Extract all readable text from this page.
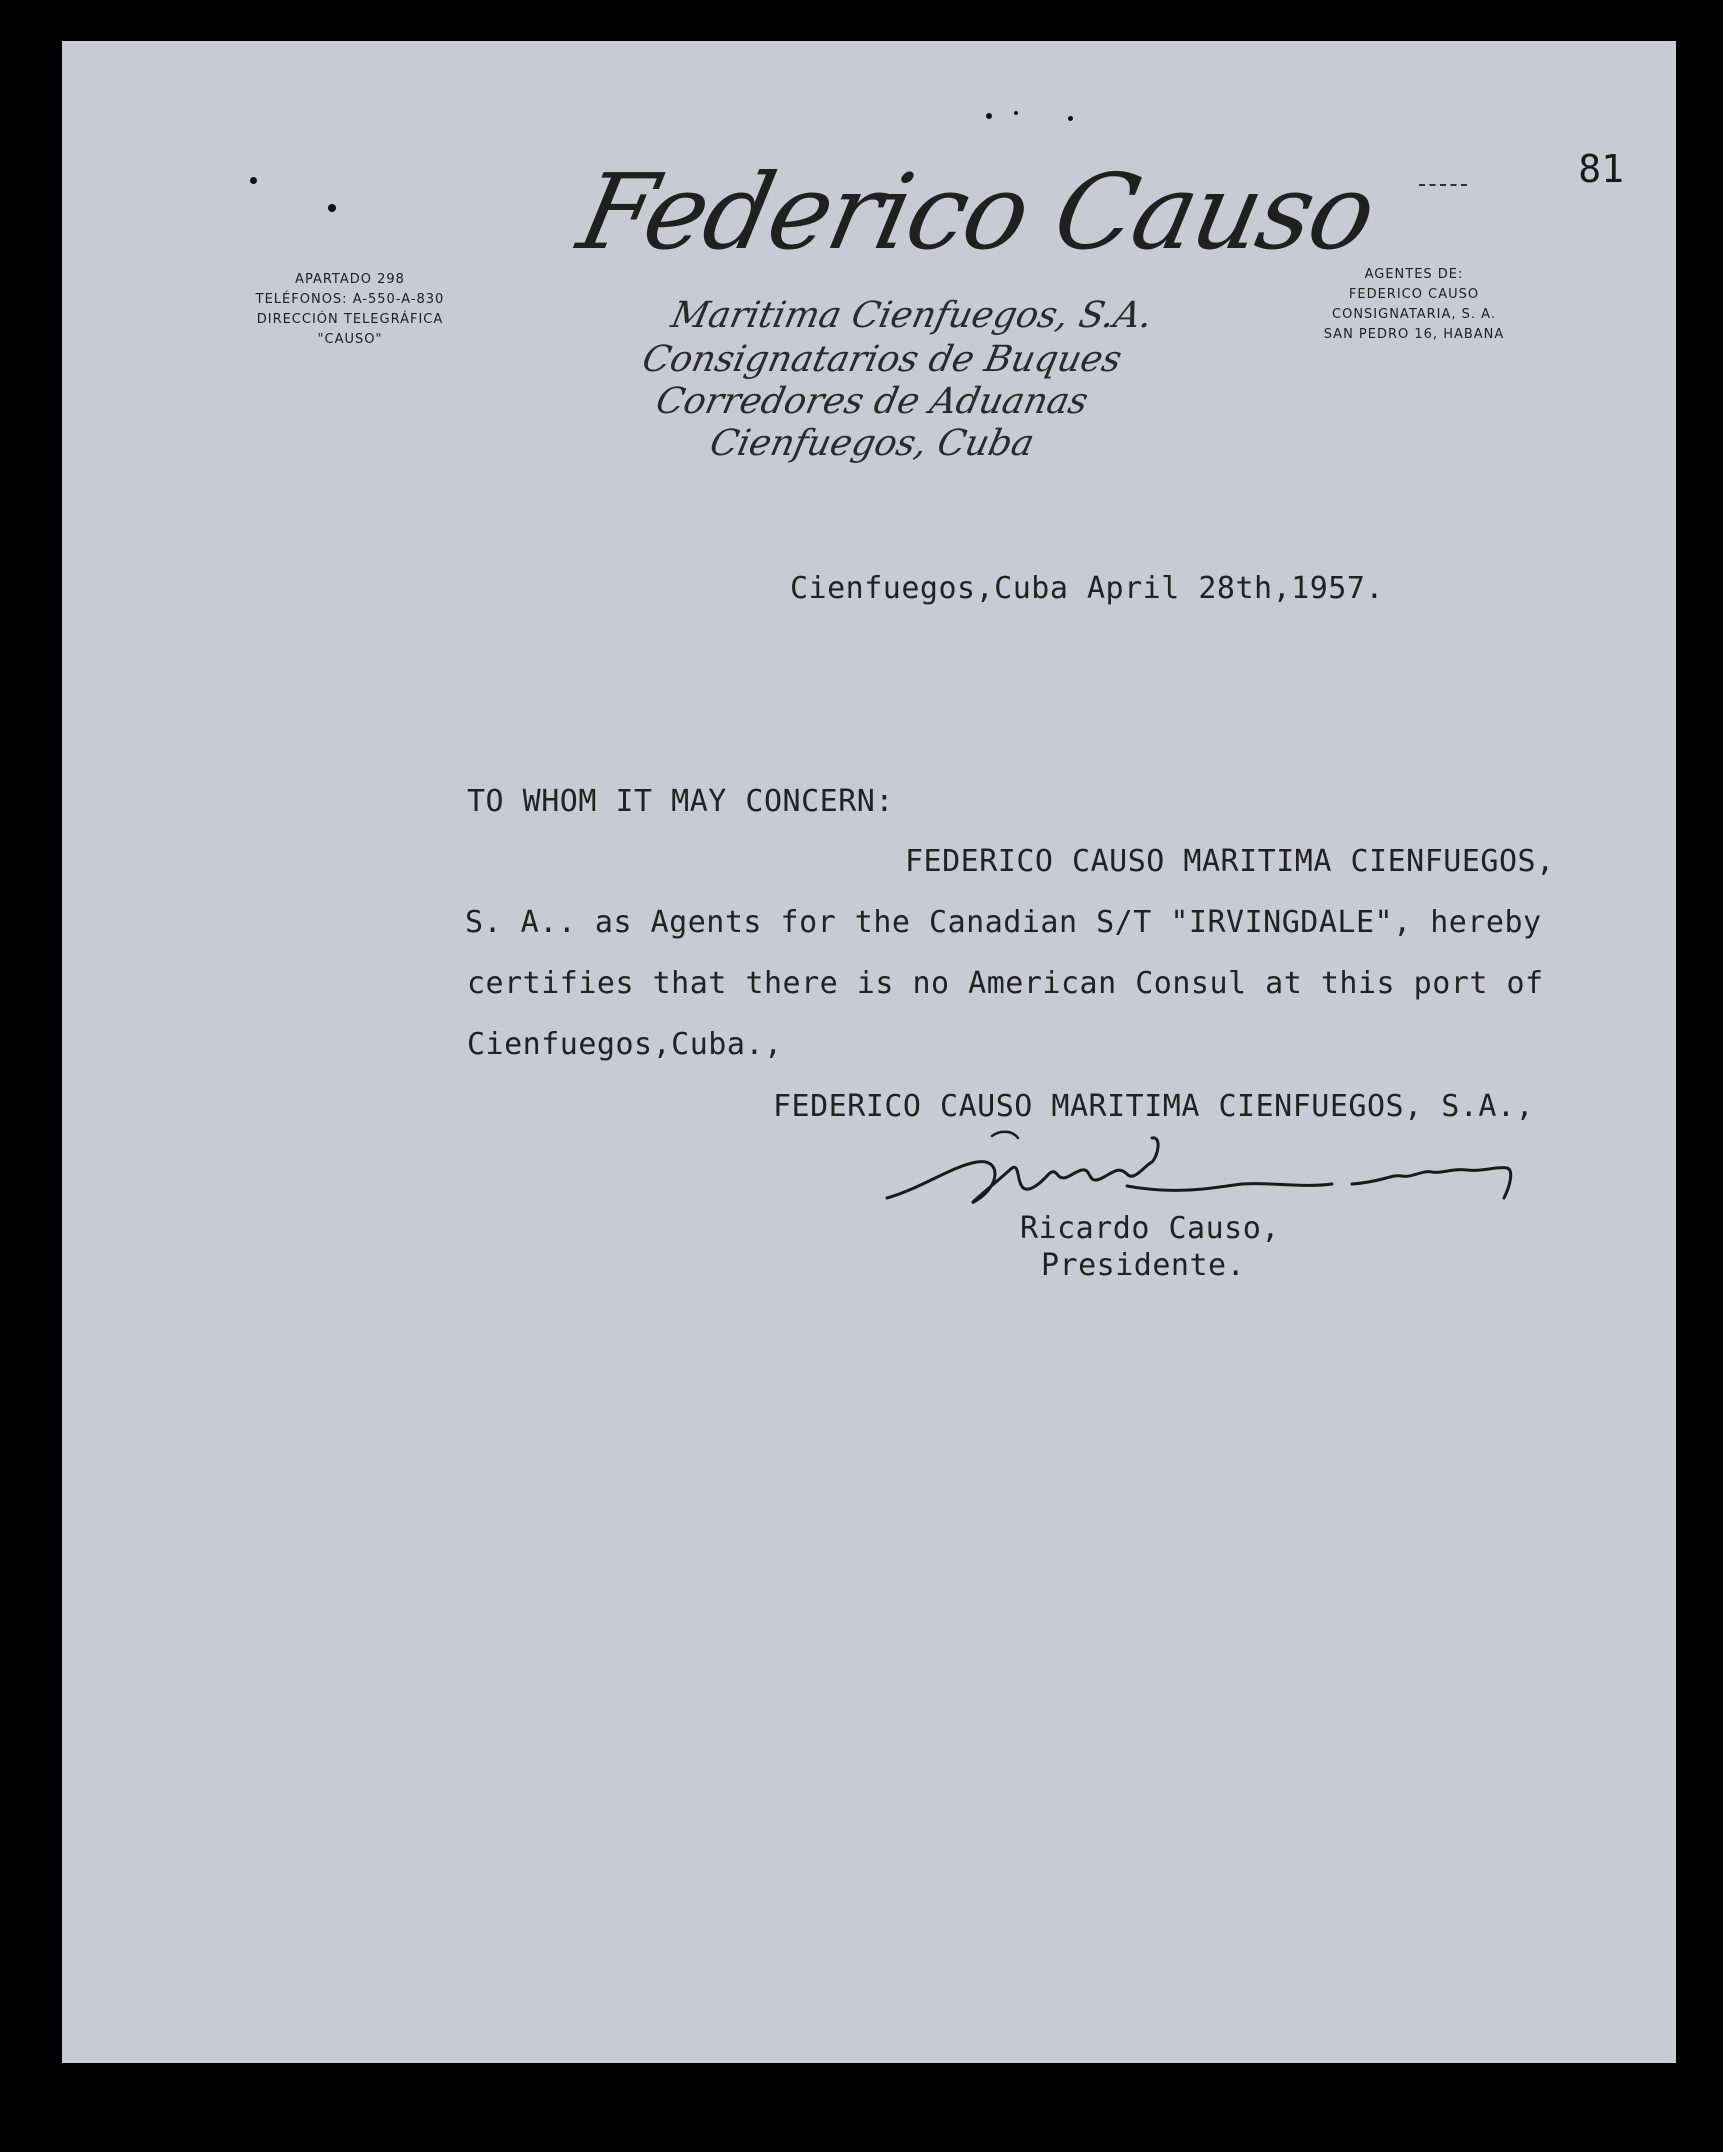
81
APARTADO 298
TELÉFONOS: A-550-A-830
DIRECCIÓN TELEGRÁFICA
"CAUSO"
Federico Causo
Maritima Cienfuegos, S.A.
Consignatarios de Buques
Corredores de Aduanas
Cienfuegos, Cuba
AGENTES DE:
FEDERICO CAUSO
CONSIGNATARIA, S. A.
SAN PEDRO 16, HABANA
Cienfuegos,Cuba April 28th,1957.
TO WHOM IT MAY CONCERN:
FEDERICO CAUSO MARITIMA CIENFUEGOS,
S. A.. as Agents for the Canadian S/T "IRVINGDALE", hereby
certifies that there is no American Consul at this port of
Cienfuegos,Cuba.,
FEDERICO CAUSO MARITIMA CIENFUEGOS, S.A.,
Ricardo Causo,
Presidente.
